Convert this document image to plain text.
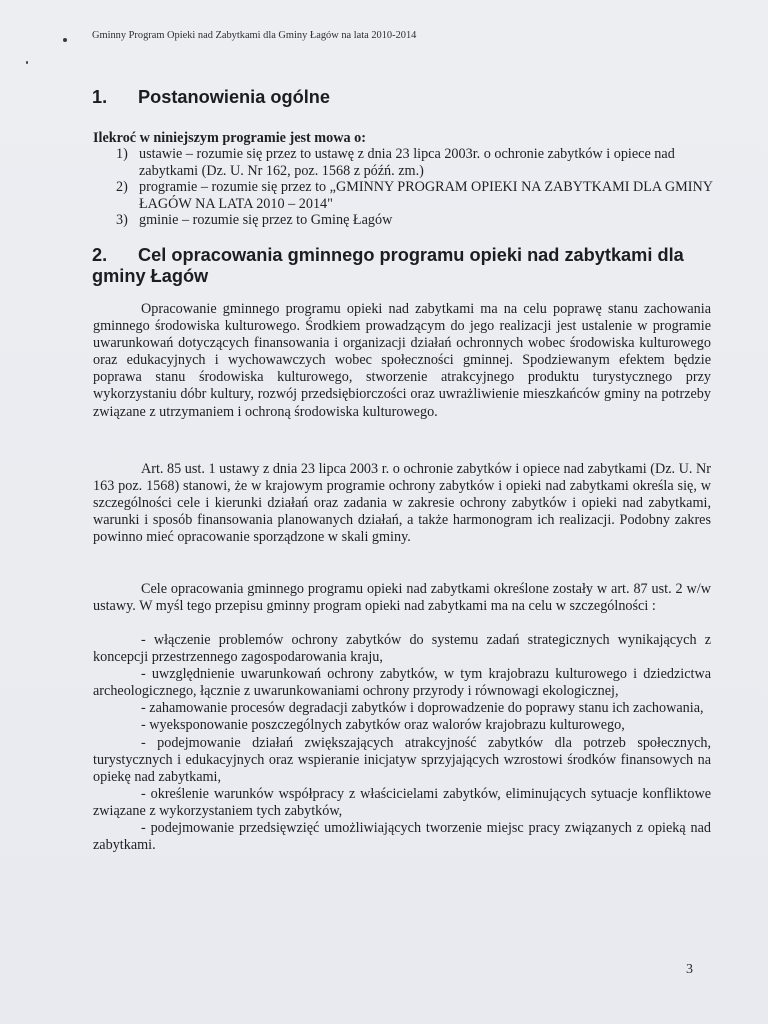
Gminny Program Opieki nad Zabytkami dla Gminy Łagów na lata 2010-2014
1. Postanowienia ogólne
Ilekroć w niniejszym programie jest mowa o:
1) ustawie – rozumie się przez to ustawę z dnia 23 lipca 2003r. o ochronie zabytków i opiece nad zabytkami (Dz. U. Nr 162, poz. 1568 z późń. zm.)
2) programie – rozumie się przez to „GMINNY PROGRAM OPIEKI NA ZABYTKAMI DLA GMINY ŁAGÓW NA LATA 2010 – 2014"
3) gminie – rozumie się przez to Gminę Łagów
2. Cel opracowania gminnego programu opieki nad zabytkami dla gminy Łagów

Opracowanie gminnego programu opieki nad zabytkami ma na celu poprawę stanu zachowania gminnego środowiska kulturowego. Środkiem prowadzącym do jego realizacji jest ustalenie w programie uwarunkowań dotyczących finansowania i organizacji działań ochronnych wobec środowiska kulturowego oraz edukacyjnych i wychowawczych wobec społeczności gminnej. Spodziewanym efektem będzie poprawa stanu środowiska kulturowego, stworzenie atrakcyjnego produktu turystycznego przy wykorzystaniu dóbr kultury, rozwój przedsiębiorczości oraz uwrażliwienie mieszkańców gminy na potrzeby związane z utrzymaniem i ochroną środowiska kulturowego.

Art. 85 ust. 1 ustawy z dnia 23 lipca 2003 r. o ochronie zabytków i opiece nad zabytkami (Dz. U. Nr 163 poz. 1568) stanowi, że w krajowym programie ochrony zabytków i opieki nad zabytkami określa się, w szczególności cele i kierunki działań oraz zadania w zakresie ochrony zabytków i opieki nad zabytkami, warunki i sposób finansowania planowanych działań, a także harmonogram ich realizacji. Podobny zakres powinno mieć opracowanie sporządzone w skali gminy.

Cele opracowania gminnego programu opieki nad zabytkami określone zostały w art. 87 ust. 2 w/w ustawy. W myśl tego przepisu gminny program opieki nad zabytkami ma na celu w szczególności :

- włączenie problemów ochrony zabytków do systemu zadań strategicznych wynikających z koncepcji przestrzennego zagospodarowania kraju,
- uwzględnienie uwarunkowań ochrony zabytków, w tym krajobrazu kulturowego i dziedzictwa archeologicznego, łącznie z uwarunkowaniami ochrony przyrody i równowagi ekologicznej,
- zahamowanie procesów degradacji zabytków i doprowadzenie do poprawy stanu ich zachowania,
- wyeksponowanie poszczególnych zabytków oraz walorów krajobrazu kulturowego,
- podejmowanie działań zwiększających atrakcyjność zabytków dla potrzeb społecznych, turystycznych i edukacyjnych oraz wspieranie inicjatyw sprzyjających wzrostowi środków finansowych na opiekę nad zabytkami,
- określenie warunków współpracy z właścicielami zabytków, eliminujących sytuacje konfliktowe związane z wykorzystaniem tych zabytków,
- podejmowanie przedsięwzięć umożliwiających tworzenie miejsc pracy związanych z opieką nad zabytkami.
3
